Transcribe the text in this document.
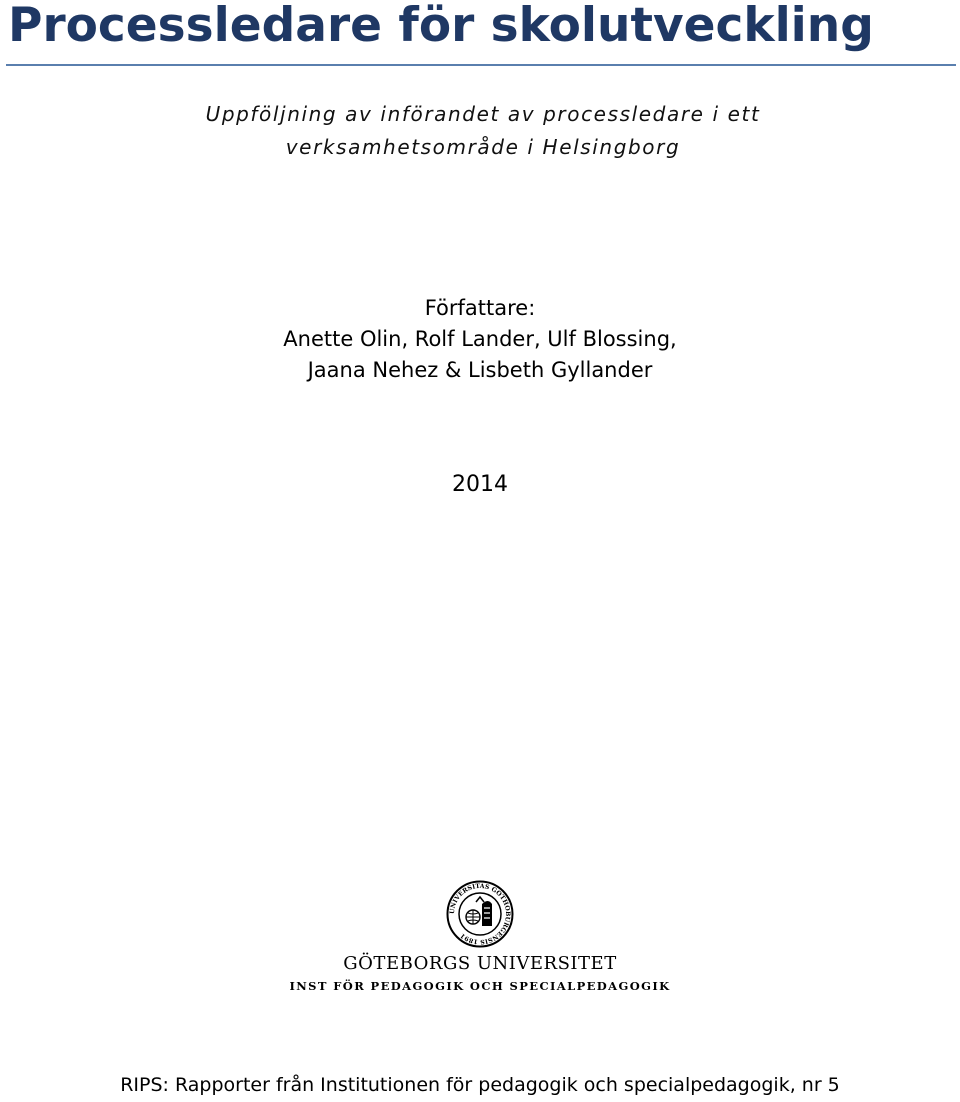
Processledare för skolutveckling
Uppföljning av införandet av processledare i ett
verksamhetsområde i Helsingborg
Författare:
Anette Olin, Rolf Lander, Ulf Blossing,
Jaana Nehez & Lisbeth Gyllander
2014
UNIVERSITAS GOTHOBURGENSIS 1891
GÖTEBORGS UNIVERSITET
INST FÖR PEDAGOGIK OCH SPECIALPEDAGOGIK
RIPS: Rapporter från Institutionen för pedagogik och specialpedagogik, nr 5
